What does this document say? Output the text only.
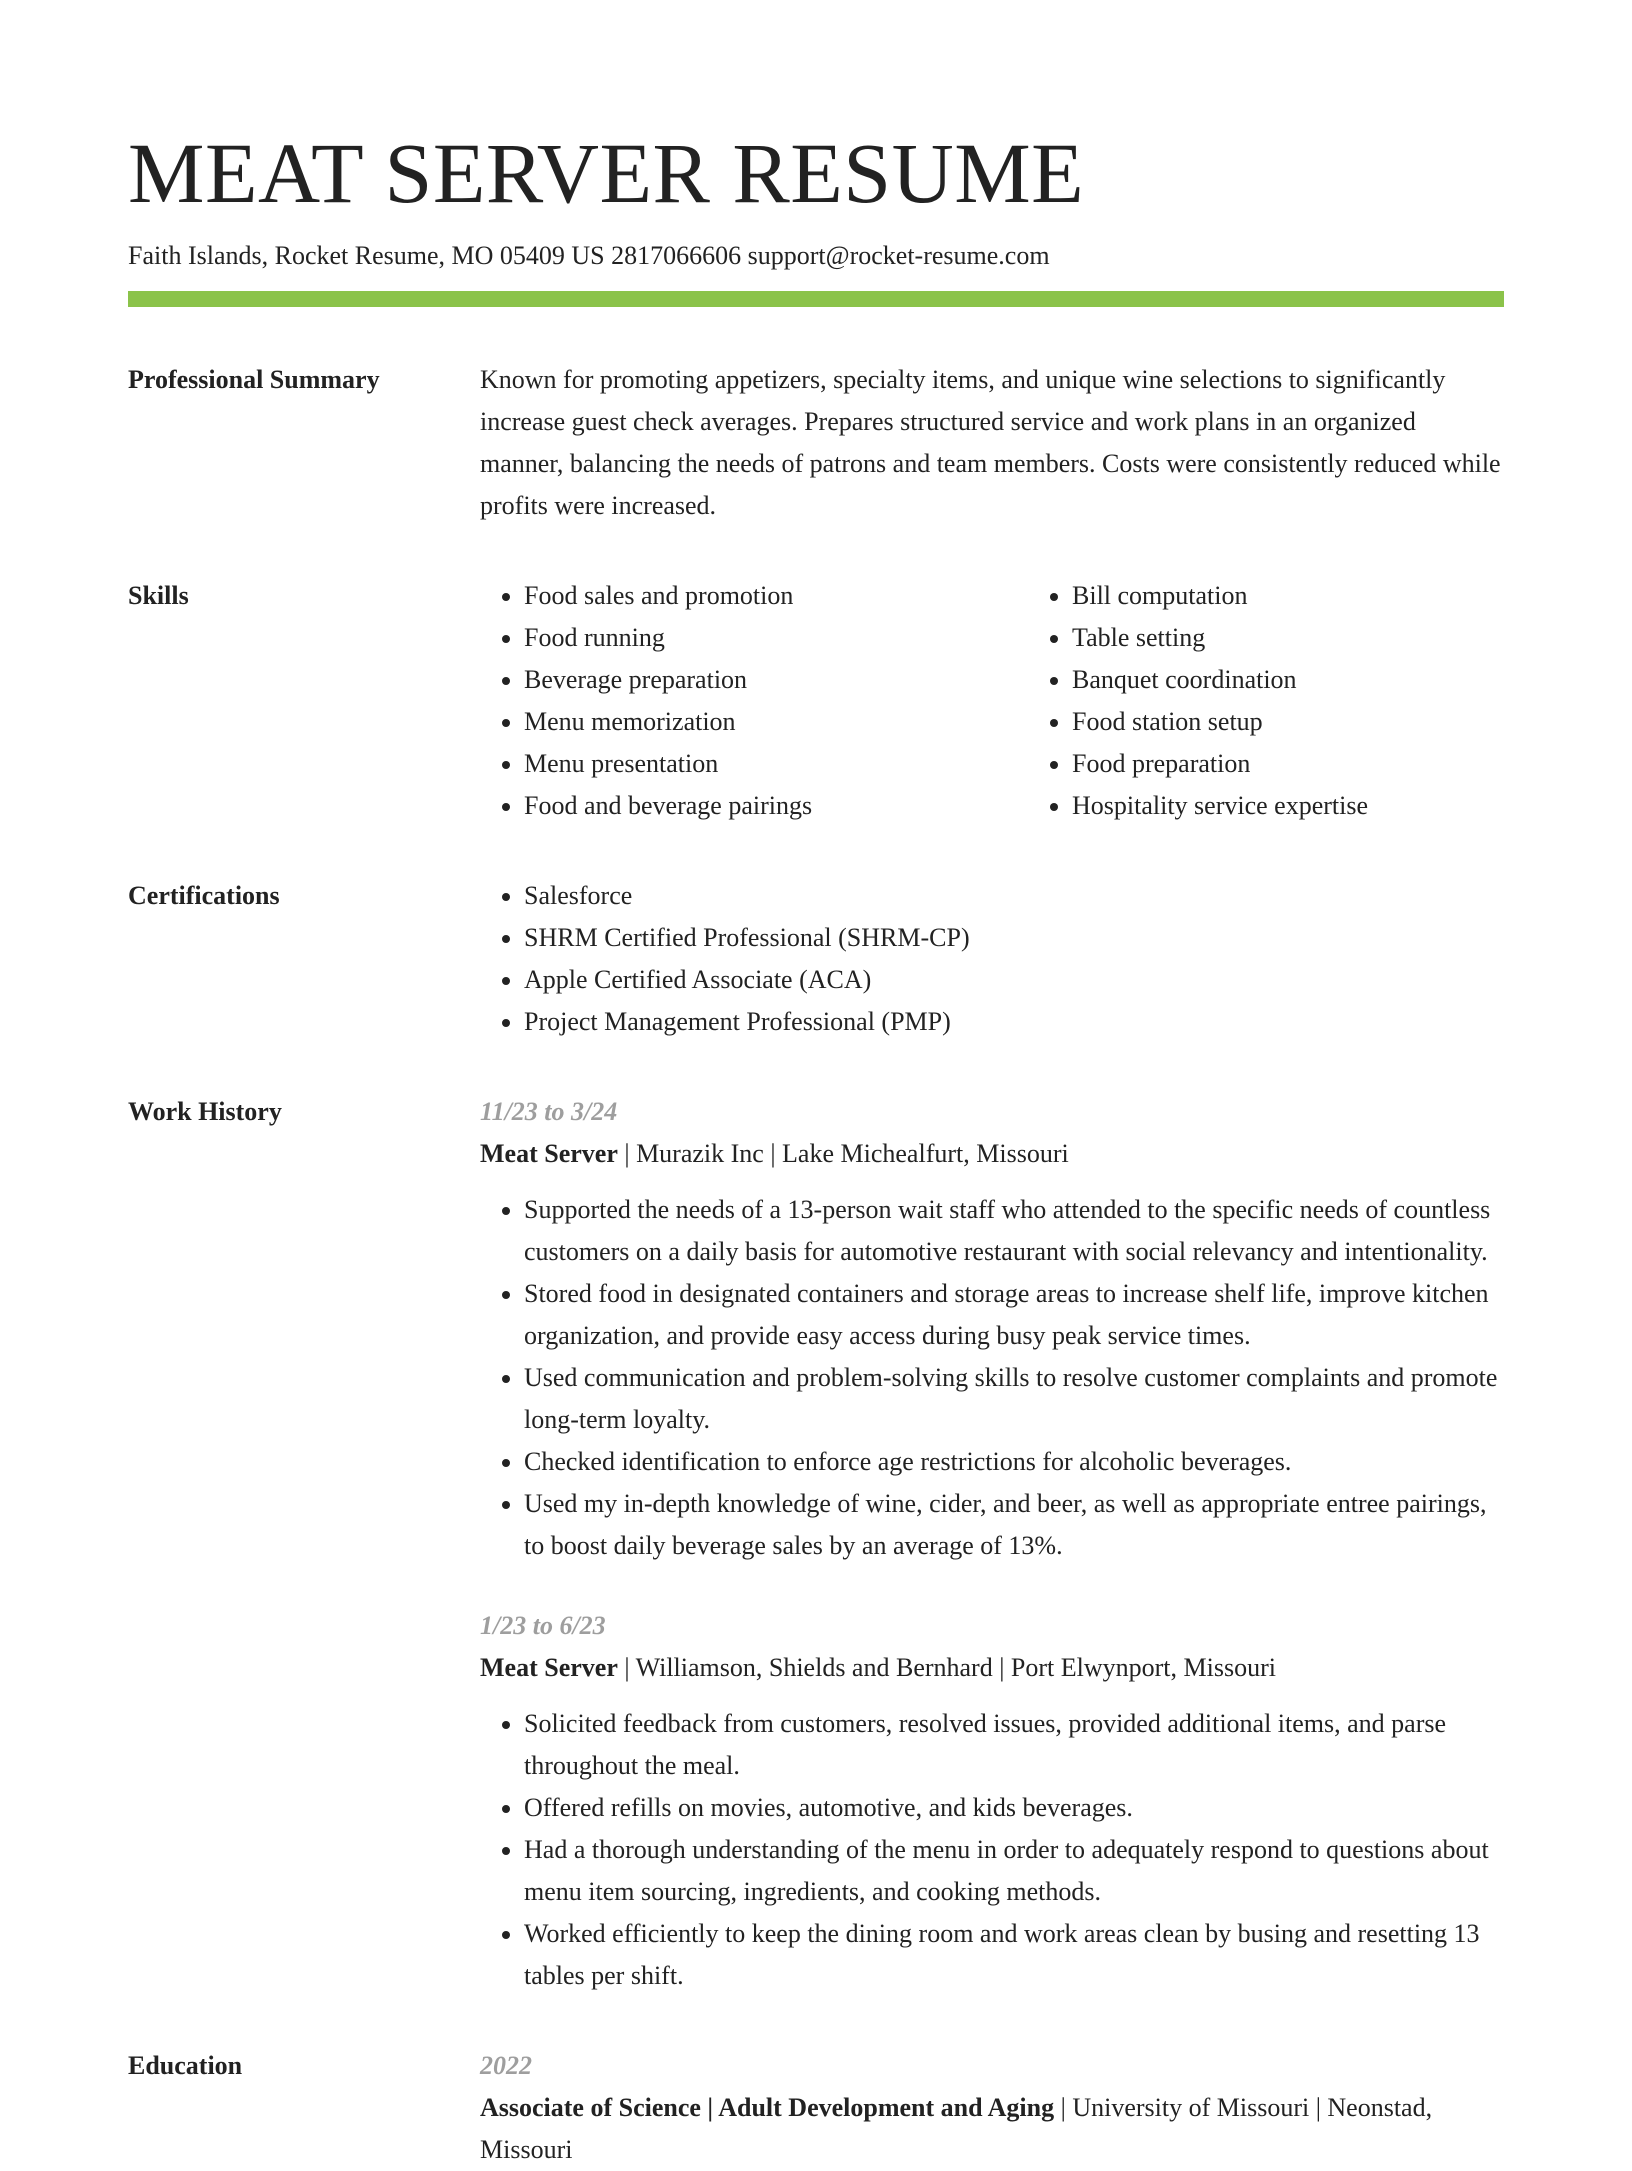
MEAT SERVER RESUME
Faith Islands, Rocket Resume, MO 05409 US 2817066606 support@rocket-resume.com
Professional Summary	Known for promoting appetizers, specialty items, and unique wine selections to significantly increase guest check averages. Prepares structured service and work plans in an organized manner, balancing the needs of patrons and team members. Costs were consistently reduced while profits were increased.
Skills	• Food sales and promotion
• Food running
• Beverage preparation
• Menu memorization
• Menu presentation
• Food and beverage pairings
• Bill computation
• Table setting
• Banquet coordination
• Food station setup
• Food preparation
• Hospitality service expertise
Certifications	• Salesforce
• SHRM Certified Professional (SHRM-CP)
• Apple Certified Associate (ACA)
• Project Management Professional (PMP)
Work History	11/23 to 3/24
Meat Server | Murazik Inc | Lake Michealfurt, Missouri
• Supported the needs of a 13-person wait staff who attended to the specific needs of countless customers on a daily basis for automotive restaurant with social relevancy and intentionality.
• Stored food in designated containers and storage areas to increase shelf life, improve kitchen organization, and provide easy access during busy peak service times.
• Used communication and problem-solving skills to resolve customer complaints and promote long-term loyalty.
• Checked identification to enforce age restrictions for alcoholic beverages.
• Used my in-depth knowledge of wine, cider, and beer, as well as appropriate entree pairings, to boost daily beverage sales by an average of 13%.
1/23 to 6/23
Meat Server | Williamson, Shields and Bernhard | Port Elwynport, Missouri
• Solicited feedback from customers, resolved issues, provided additional items, and parse throughout the meal.
• Offered refills on movies, automotive, and kids beverages.
• Had a thorough understanding of the menu in order to adequately respond to questions about menu item sourcing, ingredients, and cooking methods.
• Worked efficiently to keep the dining room and work areas clean by busing and resetting 13 tables per shift.
Education	2022
Associate of Science | Adult Development and Aging | University of Missouri | Neonstad, Missouri
